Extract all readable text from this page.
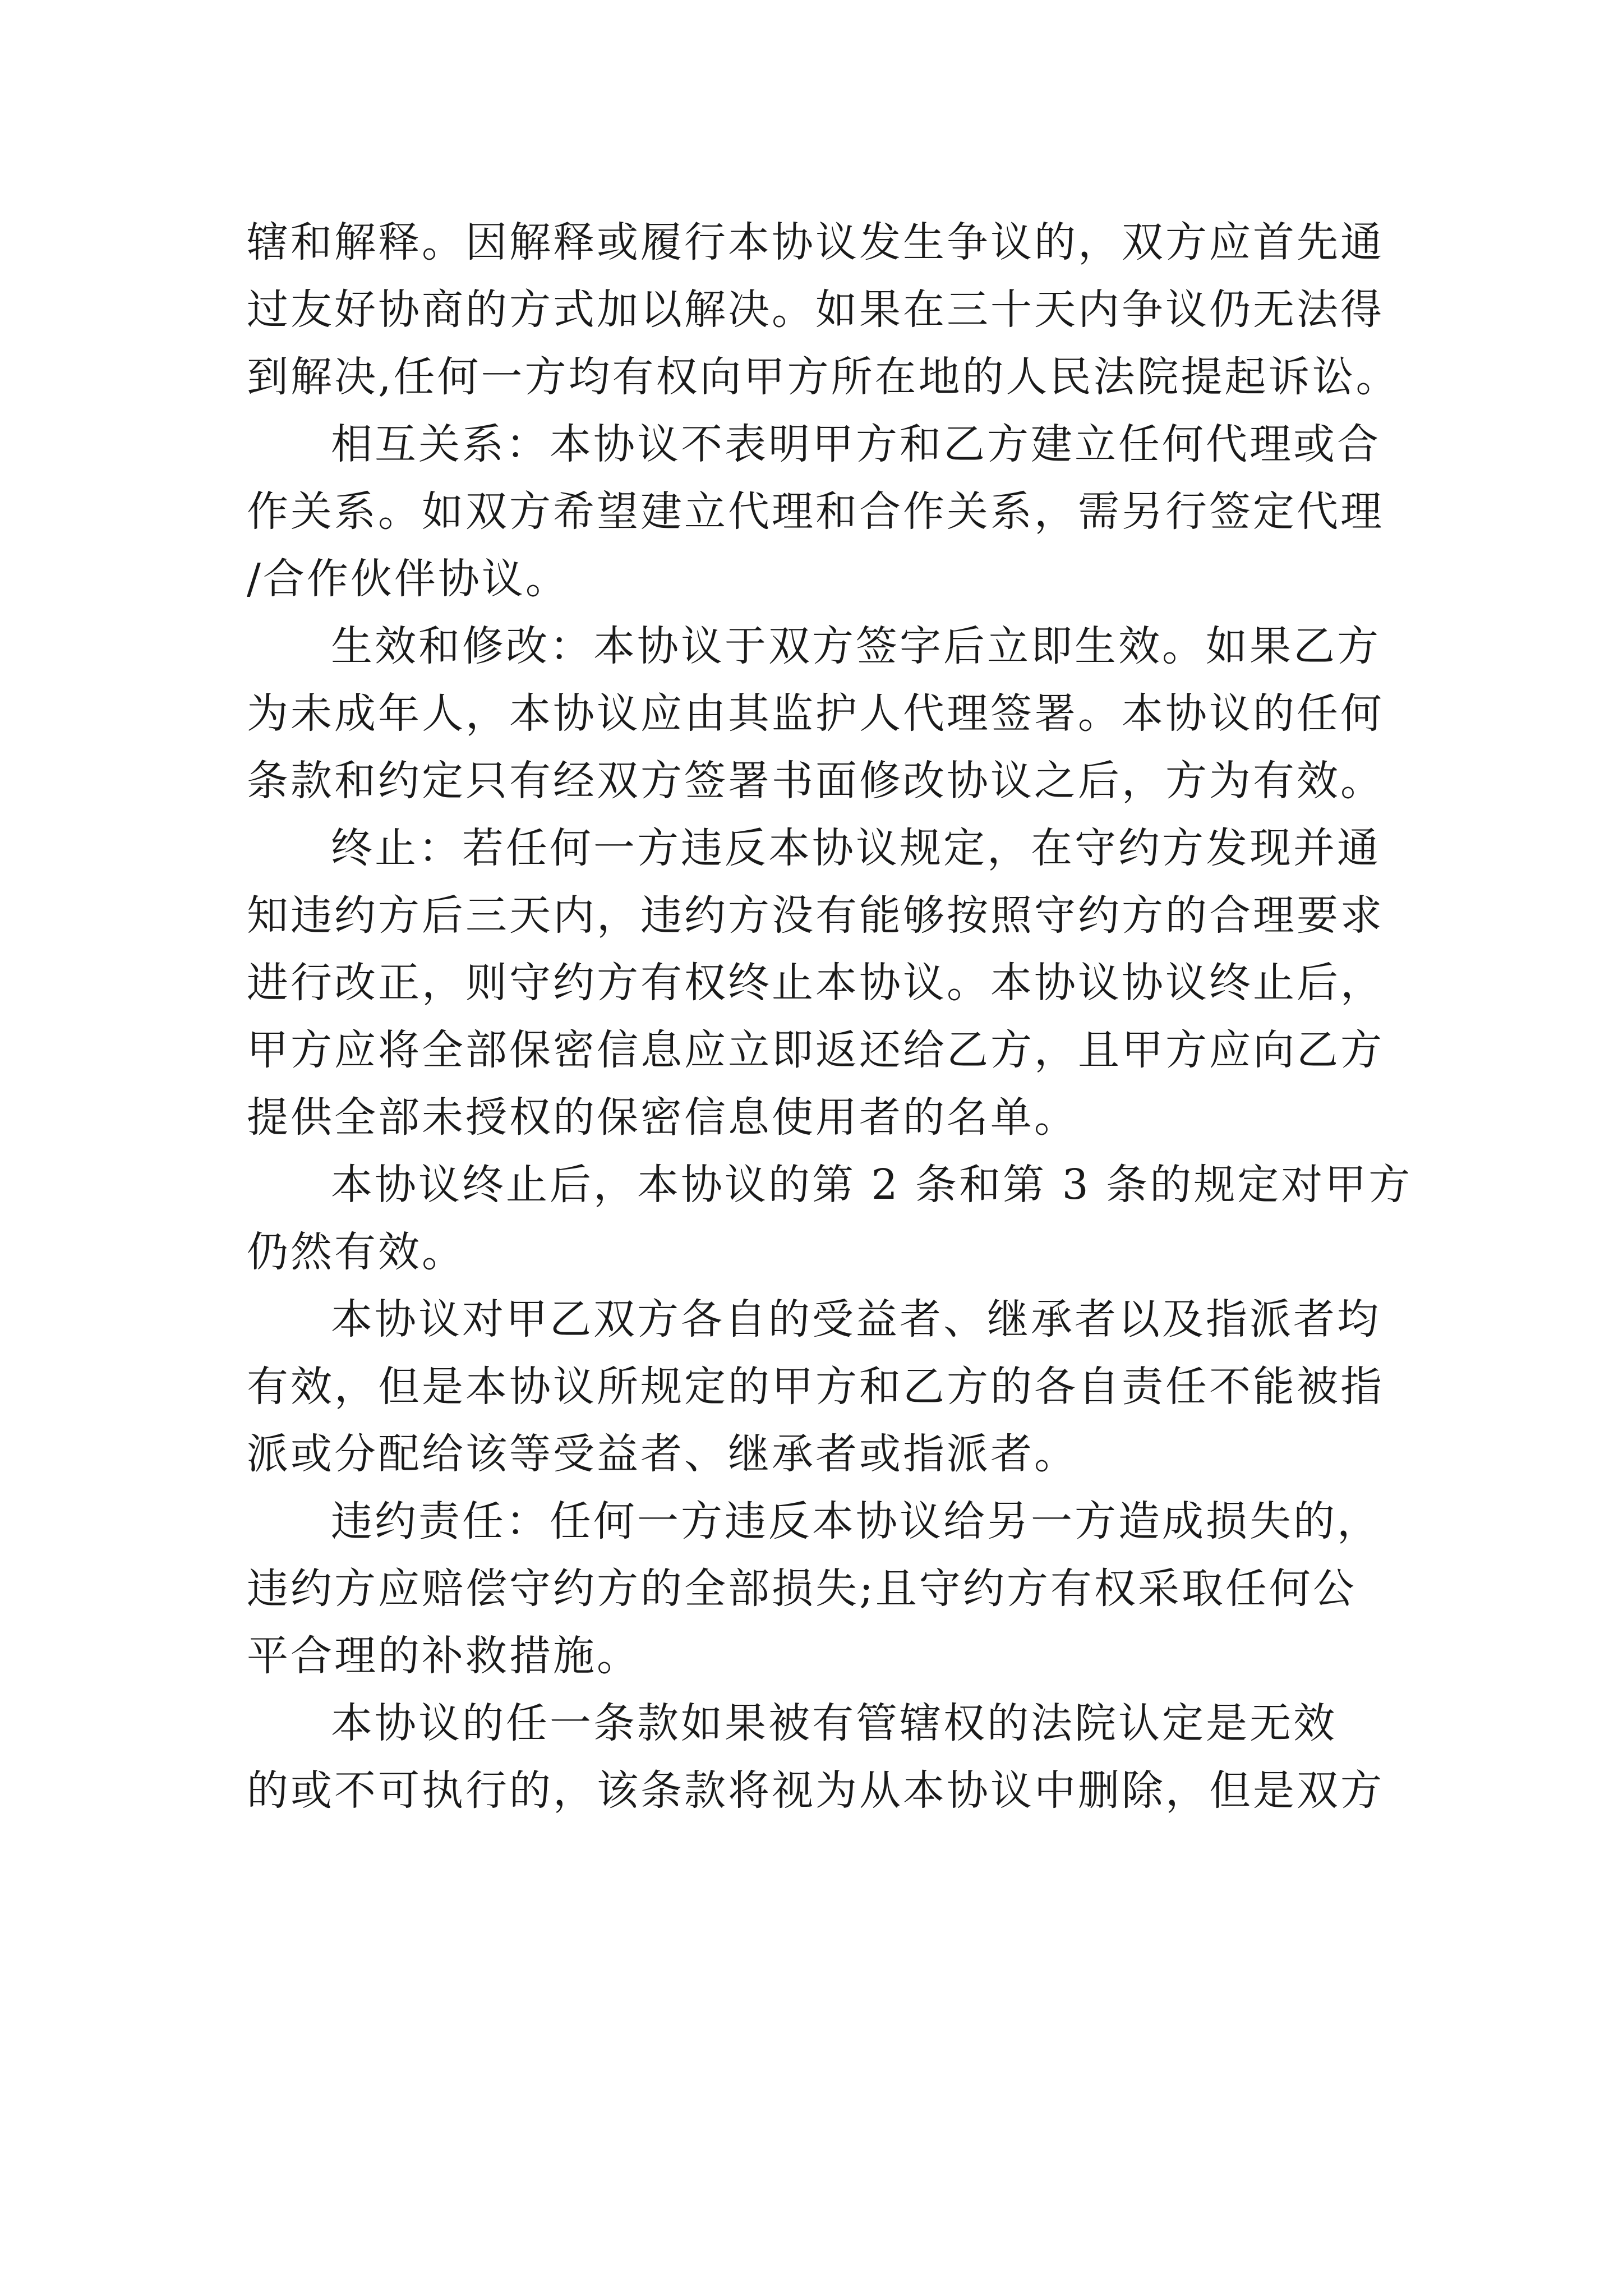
辖和解释。因解释或履行本协议发生争议的，双方应首先通
过友好协商的方式加以解决。如果在三十天内争议仍无法得
到解决,任何一方均有权向甲方所在地的人民法院提起诉讼。
相互关系：本协议不表明甲方和乙方建立任何代理或合
作关系。如双方希望建立代理和合作关系，需另行签定代理
/合作伙伴协议。
生效和修改：本协议于双方签字后立即生效。如果乙方
为未成年人，本协议应由其监护人代理签署。本协议的任何
条款和约定只有经双方签署书面修改协议之后，方为有效。
终止：若任何一方违反本协议规定，在守约方发现并通
知违约方后三天内，违约方没有能够按照守约方的合理要求
进行改正，则守约方有权终止本协议。本协议协议终止后，
甲方应将全部保密信息应立即返还给乙方，且甲方应向乙方
提供全部未授权的保密信息使用者的名单。
本协议终止后，本协议的第 2 条和第 3 条的规定对甲方
仍然有效。
本协议对甲乙双方各自的受益者、继承者以及指派者均
有效，但是本协议所规定的甲方和乙方的各自责任不能被指
派或分配给该等受益者、继承者或指派者。
违约责任：任何一方违反本协议给另一方造成损失的，
违约方应赔偿守约方的全部损失;且守约方有权采取任何公
平合理的补救措施。
本协议的任一条款如果被有管辖权的法院认定是无效
的或不可执行的，该条款将视为从本协议中删除，但是双方
